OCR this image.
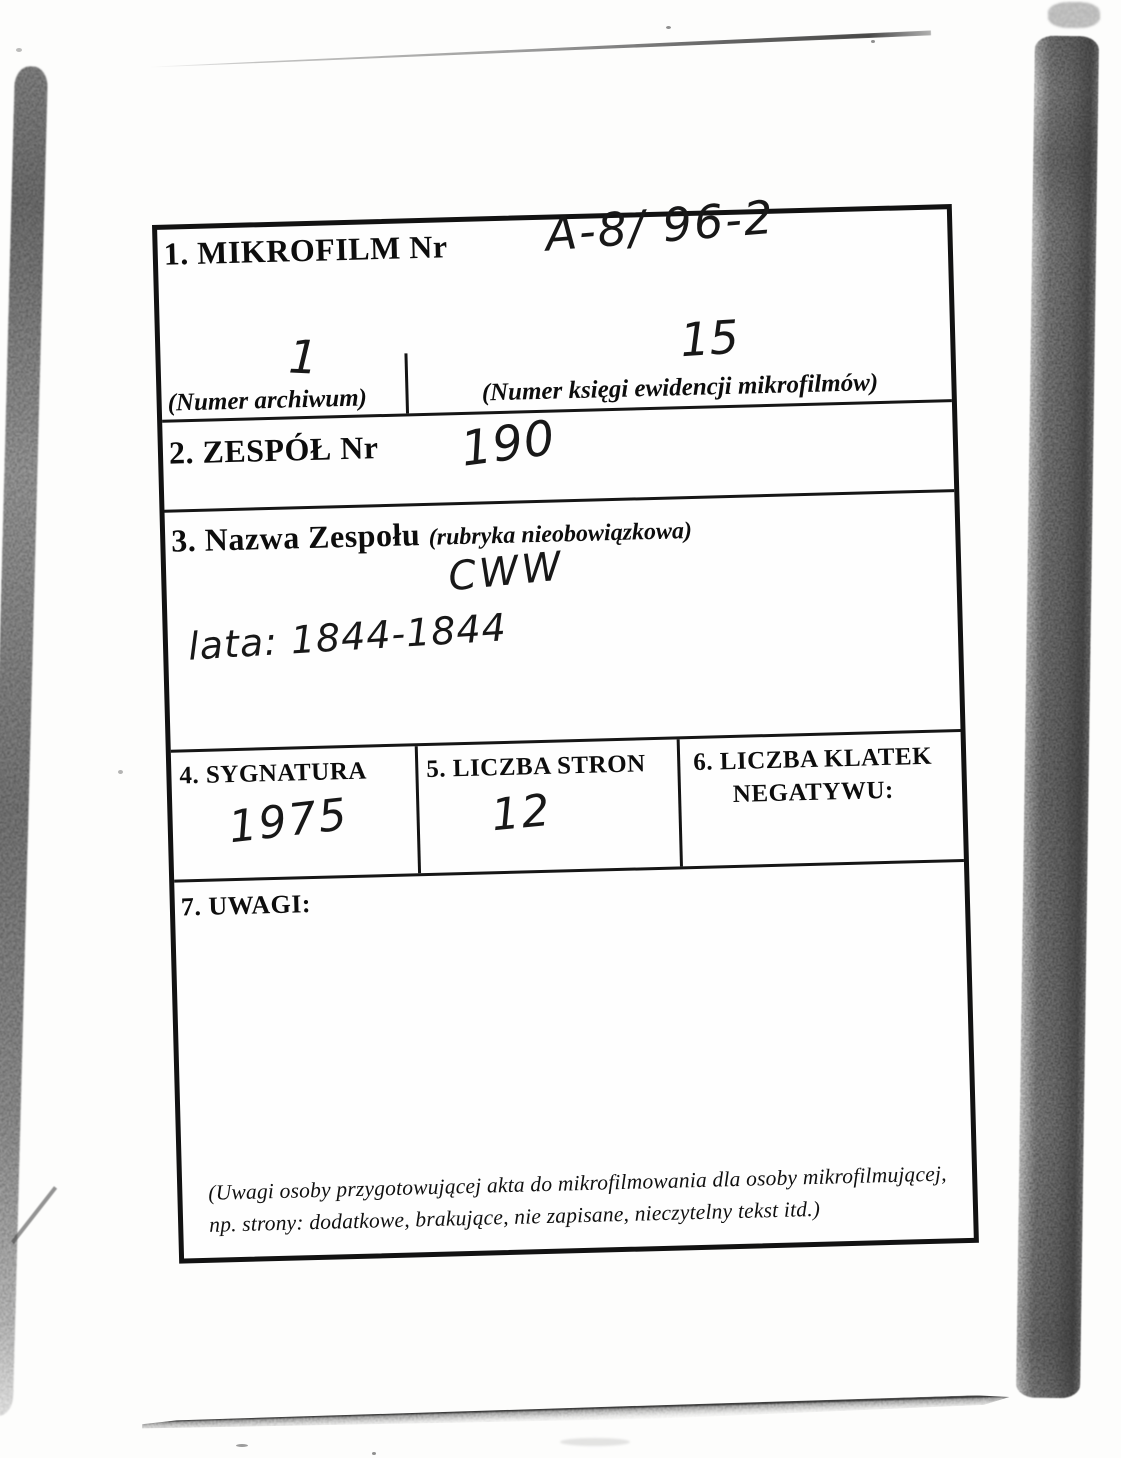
1. MIKROFILM Nr A-8/ 96-2
1	15
(Numer archiwum)	(Numer księgi ewidencji mikrofilmów)
2. ZESPÓŁ Nr 190
3. Nazwa Zespołu (rubryka nieobowiązkowa)
CWW
lata: 1844-1844
4. SYGNATURA
1975
5. LICZBA STRON
12
6. LICZBA KLATEK NEGATYWU:
7. UWAGI:
(Uwagi osoby przygotowującej akta do mikrofilmowania dla osoby mikrofilmującej, np. strony: dodatkowe, brakujące, nie zapisane, nieczytelny tekst itd.)
